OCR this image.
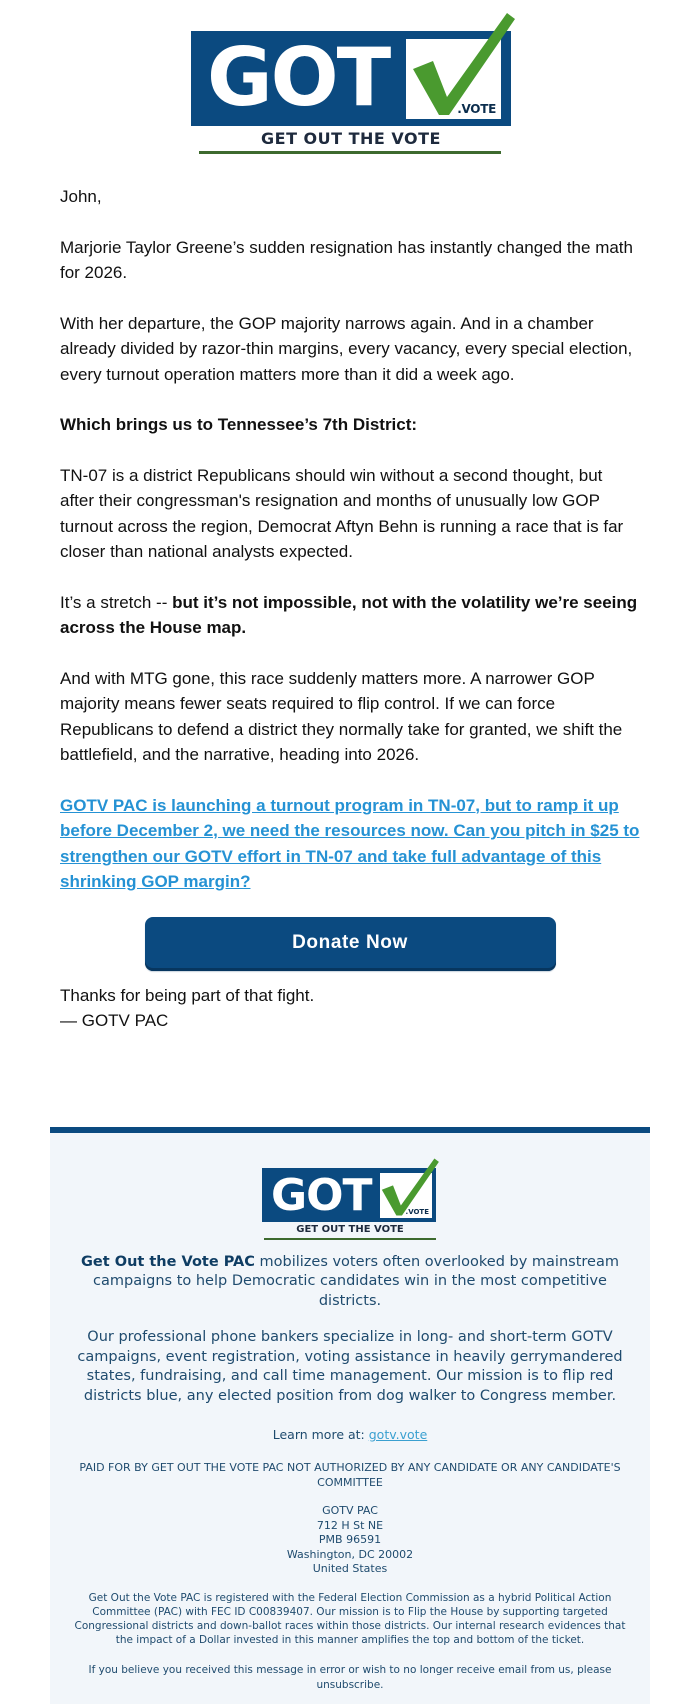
GOT	.VOTE
GET OUT THE VOTE

John,

Marjorie Taylor Greene’s sudden resignation has instantly changed the math for 2026.

With her departure, the GOP majority narrows again. And in a chamber already divided by razor-thin margins, every vacancy, every special election, every turnout operation matters more than it did a week ago.

Which brings us to Tennessee’s 7th District:

TN-07 is a district Republicans should win without a second thought, but after their congressman's resignation and months of unusually low GOP turnout across the region, Democrat Aftyn Behn is running a race that is far closer than national analysts expected.

It’s a stretch -- but it’s not impossible, not with the volatility we’re seeing across the House map.

And with MTG gone, this race suddenly matters more. A narrower GOP majority means fewer seats required to flip control. If we can force Republicans to defend a district they normally take for granted, we shift the battlefield, and the narrative, heading into 2026.

GOTV PAC is launching a turnout program in TN-07, but to ramp it up before December 2, we need the resources now. Can you pitch in $25 to strengthen our GOTV effort in TN-07 and take full advantage of this shrinking GOP margin?

Donate Now
Thanks for being part of that fight.
— GOTV PAC
GOT	.VOTE
GET OUT THE VOTE

Get Out the Vote PAC mobilizes voters often overlooked by mainstream campaigns to help Democratic candidates win in the most competitive districts.

Our professional phone bankers specialize in long- and short-term GOTV campaigns, event registration, voting assistance in heavily gerrymandered states, fundraising, and call time management. Our mission is to flip red districts blue, any elected position from dog walker to Congress member.

Learn more at: gotv.vote

PAID FOR BY GET OUT THE VOTE PAC NOT AUTHORIZED BY ANY CANDIDATE OR ANY CANDIDATE'S COMMITTEE

GOTV PAC
712 H St NE
PMB 96591
Washington, DC 20002
United States

Get Out the Vote PAC is registered with the Federal Election Commission as a hybrid Political Action Committee (PAC) with FEC ID C00839407. Our mission is to Flip the House by supporting targeted Congressional districts and down-ballot races within those districts. Our internal research evidences that the impact of a Dollar invested in this manner amplifies the top and bottom of the ticket.

If you believe you received this message in error or wish to no longer receive email from us, please unsubscribe.
